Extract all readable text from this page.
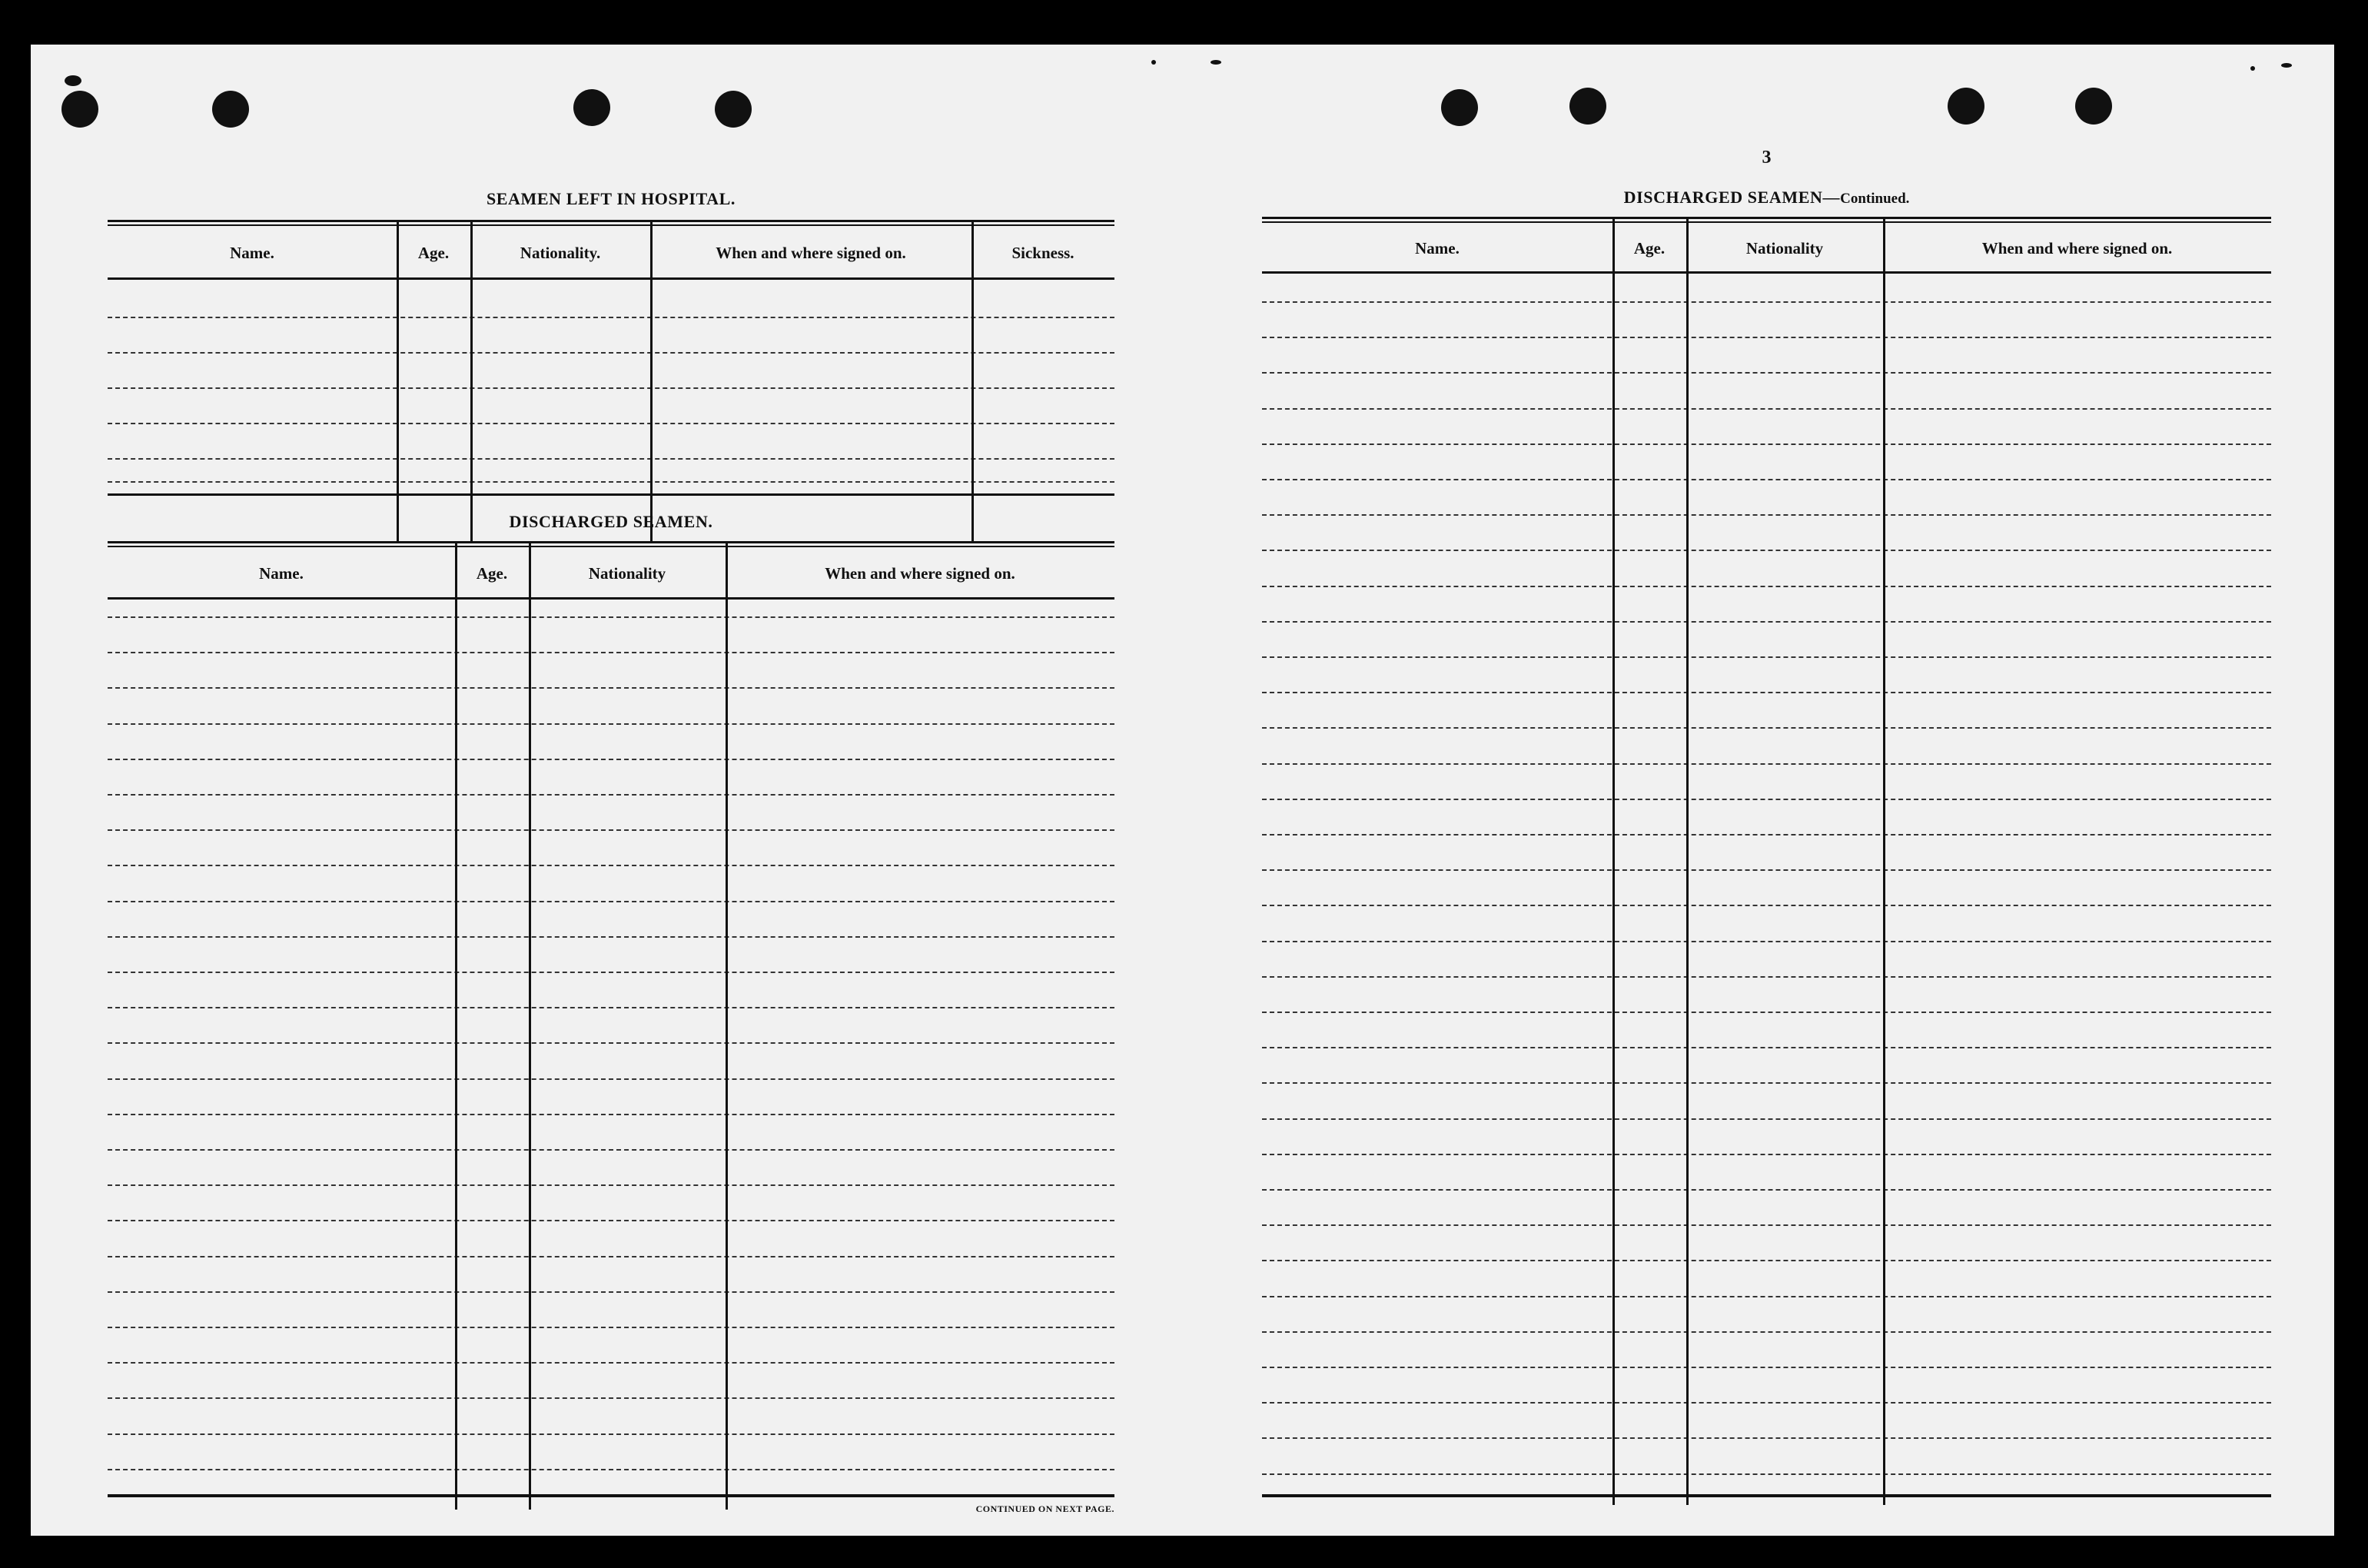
SEAMEN LEFT IN HOSPITAL.
Name.	Age.	Nationality.	When and where signed on.	Sickness.
DISCHARGED SEAMEN.
Name.	Age.	Nationality	When and where signed on.
CONTINUED ON NEXT PAGE.
3
DISCHARGED SEAMEN—Continued.
Name.	Age.	Nationality	When and where signed on.
